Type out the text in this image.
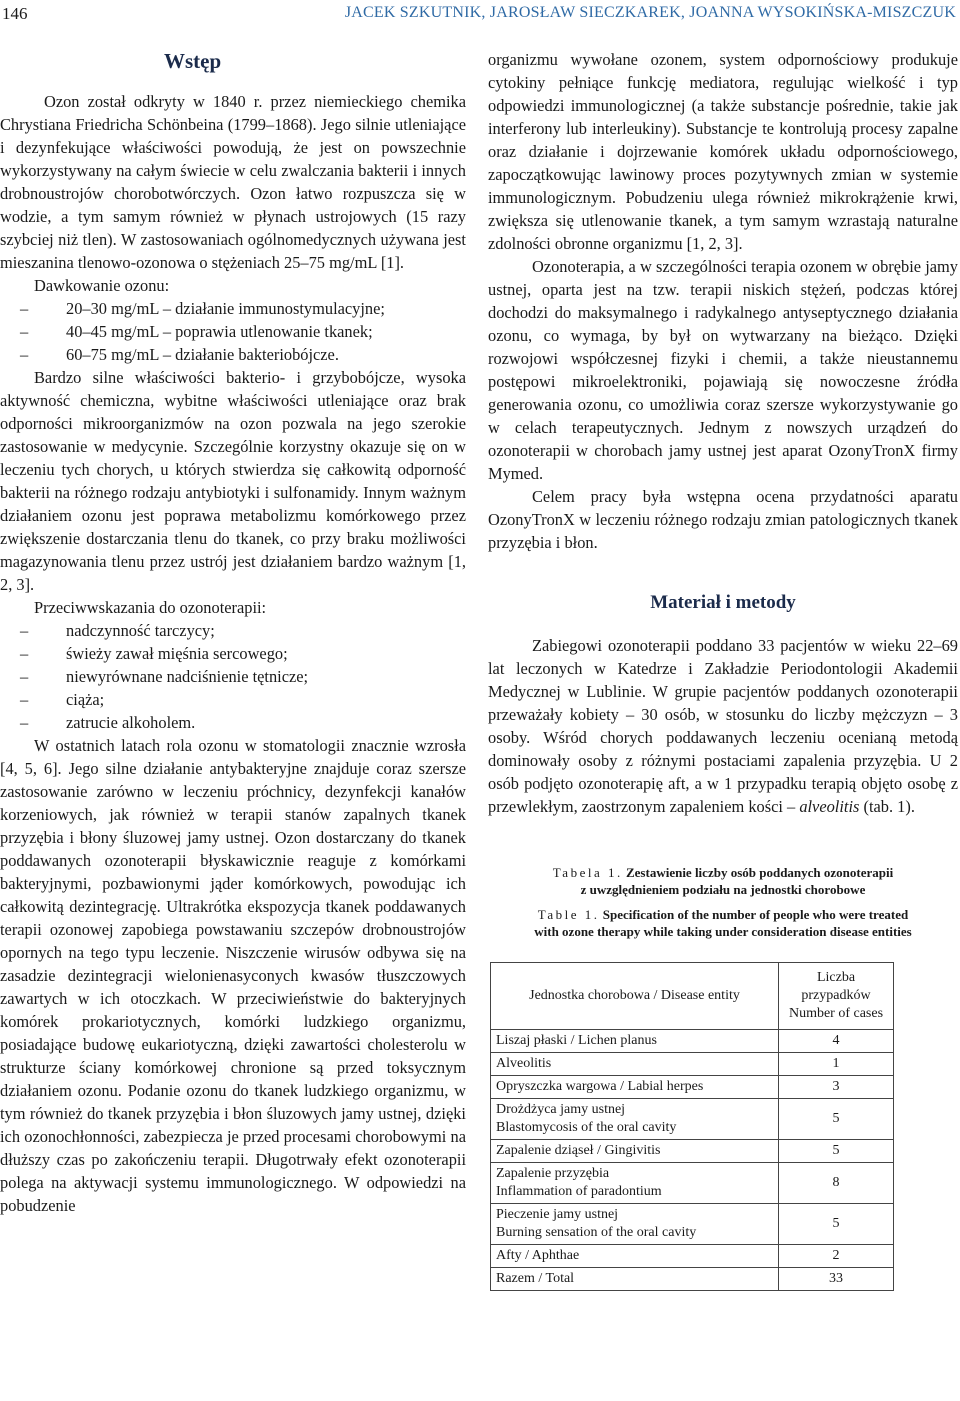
146	JACEK SZKUTNIK, JAROSŁAW SIECZKAREK, JOANNA WYSOKIŃSKA-MISZCZUK
Wstęp

Ozon został odkryty w 1840 r. przez niemieckiego chemika Chrystiana Friedricha Schönbeina (1799–1868). Jego silnie utleniające i dezynfekujące właściwości powodują, że jest on powszechnie wykorzystywany na całym świecie w celu zwalczania bakterii i innych drobnoustrojów chorobotwórczych. Ozon łatwo rozpuszcza się w wodzie, a tym samym również w płynach ustrojowych (15 razy szybciej niż tlen). W zastosowaniach ogólnomedycznych używana jest mieszanina tlenowo-ozonowa o stężeniach 25–75 mg/mL [1].

Dawkowanie ozonu:

– 20–30 mg/mL – działanie immunostymulacyjne;
– 40–45 mg/mL – poprawia utlenowanie tkanek;
– 60–75 mg/mL – działanie bakteriobójcze.

Bardzo silne właściwości bakterio- i grzybobójcze, wysoka aktywność chemiczna, wybitne właściwości utleniające oraz brak odporności mikroorganizmów na ozon pozwala na jego szerokie zastosowanie w medycynie. Szczególnie korzystny okazuje się on w leczeniu tych chorych, u których stwierdza się całkowitą odporność bakterii na różnego rodzaju antybiotyki i sulfonamidy. Innym ważnym działaniem ozonu jest poprawa metabolizmu komórkowego przez zwiększenie dostarczania tlenu do tkanek, co przy braku możliwości magazynowania tlenu przez ustrój jest działaniem bardzo ważnym [1, 2, 3].

Przeciwwskazania do ozonoterapii:

– nadczynność tarczycy;
– świeży zawał mięśnia sercowego;
– niewyrównane nadciśnienie tętnicze;
– ciąża;
– zatrucie alkoholem.

W ostatnich latach rola ozonu w stomatologii znacznie wzrosła [4, 5, 6]. Jego silne działanie antybakteryjne znajduje coraz szersze zastosowanie zarówno w leczeniu próchnicy, dezynfekcji kanałów korzeniowych, jak również w terapii stanów zapalnych tkanek przyzębia i błony śluzowej jamy ustnej. Ozon dostarczany do tkanek poddawanych ozonoterapii błyskawicznie reaguje z komórkami bakteryjnymi, pozbawionymi jąder komórkowych, powodując ich całkowitą dezintegrację. Ultrakrótka ekspozycja tkanek poddawanych terapii ozonowej zapobiega powstawaniu szczepów drobnoustrojów opornych na tego typu leczenie. Niszczenie wirusów odbywa się na zasadzie dezintegracji wielonienasyconych kwasów tłuszczowych zawartych w ich otoczkach. W przeciwieństwie do bakteryjnych komórek prokariotycznych, komórki ludzkiego organizmu, posiadające budowę eukariotyczną, dzięki zawartości cholesterolu w strukturze ściany komórkowej chronione są przed toksycznym działaniem ozonu. Podanie ozonu do tkanek ludzkiego organizmu, w tym również do tkanek przyzębia i błon śluzowych jamy ustnej, dzięki ich ozonochłonności, zabezpiecza je przed procesami chorobowymi na dłuższy czas po zakończeniu terapii. Długotrwały efekt ozonoterapii polega na aktywacji systemu immunologicznego. W odpowiedzi na pobudzenie

organizmu wywołane ozonem, system odpornościowy produkuje cytokiny pełniące funkcję mediatora, regulując wielkość i typ odpowiedzi immunologicznej (a także substancje pośrednie, takie jak interferony lub interleukiny). Substancje te kontrolują procesy zapalne oraz działanie i dojrzewanie komórek układu odpornościowego, zapoczątkowując lawinowy proces pozytywnych zmian w systemie immunologicznym. Pobudzeniu ulega również mikrokrążenie krwi, zwiększa się utlenowanie tkanek, a tym samym wzrastają naturalne zdolności obronne organizmu [1, 2, 3].

Ozonoterapia, a w szczególności terapia ozonem w obrębie jamy ustnej, oparta jest na tzw. terapii niskich stężeń, podczas której dochodzi do maksymalnego i radykalnego antyseptycznego działania ozonu, co wymaga, by był on wytwarzany na bieżąco. Dzięki rozwojowi współczesnej fizyki i chemii, a także nieustannemu postępowi mikroelektroniki, pojawiają się nowoczesne źródła generowania ozonu, co umożliwia coraz szersze wykorzystywanie go w celach terapeutycznych. Jednym z nowszych urządzeń do ozonoterapii w chorobach jamy ustnej jest aparat OzonyTronX firmy Mymed.

Celem pracy była wstępna ocena przydatności aparatu OzonyTronX w leczeniu różnego rodzaju zmian patologicznych tkanek przyzębia i błon.

Materiał i metody

Zabiegowi ozonoterapii poddano 33 pacjentów w wieku 22–69 lat leczonych w Katedrze i Zakładzie Periodontologii Akademii Medycznej w Lublinie. W grupie pacjentów poddanych ozonoterapii przeważały kobiety – 30 osób, w stosunku do liczby mężczyzn – 3 osoby. Wśród chorych poddawanych leczeniu ocenianą metodą dominowały osoby z różnymi postaciami zapalenia przyzębia. U 2 osób podjęto ozonoterapię aft, a w 1 przypadku terapią objęto osobę z przewlekłym, zaostrzonym zapaleniem kości – alveolitis (tab. 1).

Tabela 1. Zestawienie liczby osób poddanych ozonoterapii
z uwzględnieniem podziału na jednostki chorobowe
Table 1. Specification of the number of people who were treated
with ozone therapy while taking under consideration disease entities
Jednostka chorobowa / Disease entity	Liczba przypadków
Number of cases
Liszaj płaski / Lichen planus	4
Alveolitis	1
Opryszczka wargowa / Labial herpes	3
Drożdżyca jamy ustnej
Blastomycosis of the oral cavity	5
Zapalenie dziąseł / Gingivitis	5
Zapalenie przyzębia
Inflammation of paradontium	8
Pieczenie jamy ustnej
Burning sensation of the oral cavity	5
Afty / Aphthae	2
Razem / Total	33
